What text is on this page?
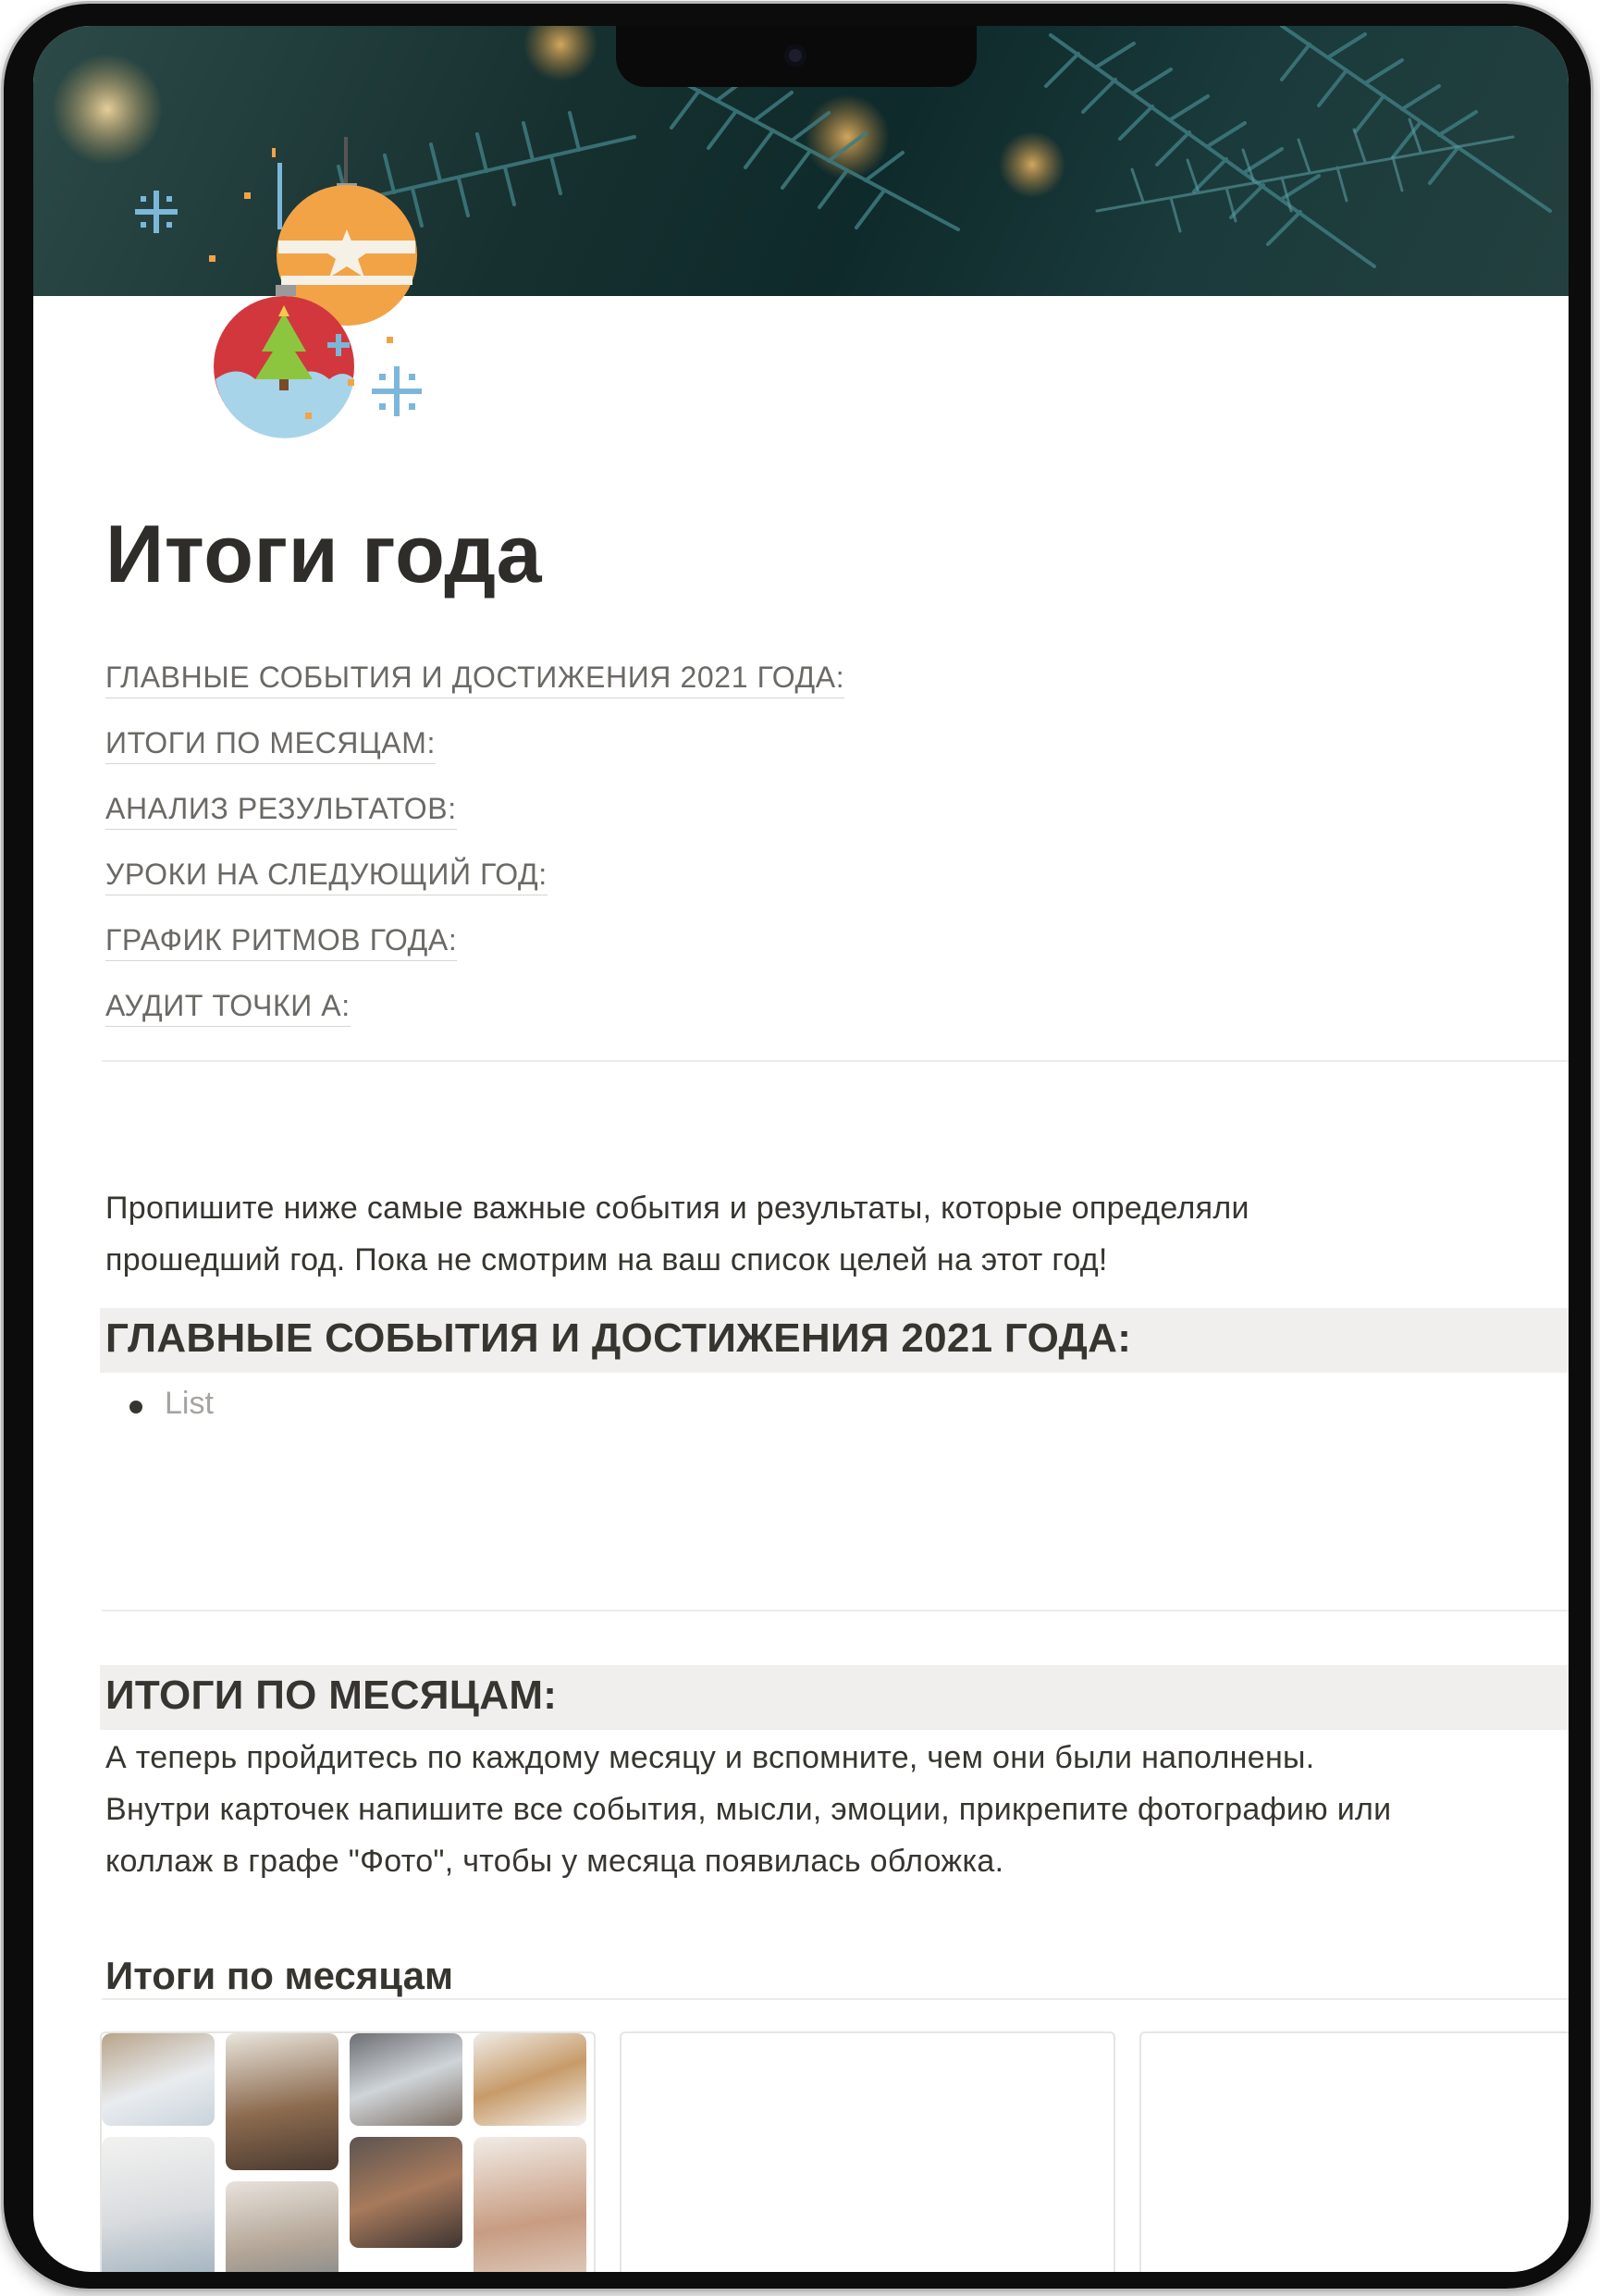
Итоги года
ГЛАВНЫЕ СОБЫТИЯ И ДОСТИЖЕНИЯ 2021 ГОДА:
ИТОГИ ПО МЕСЯЦАМ:
АНАЛИЗ РЕЗУЛЬТАТОВ:
УРОКИ НА СЛЕДУЮЩИЙ ГОД:
ГРАФИК РИТМОВ ГОДА:
АУДИТ ТОЧКИ А:
Пропишите ниже самые важные события и результаты, которые определяли
прошедший год. Пока не смотрим на ваш список целей на этот год!
ГЛАВНЫЕ СОБЫТИЯ И ДОСТИЖЕНИЯ 2021 ГОДА:
List
ИТОГИ ПО МЕСЯЦАМ:
А теперь пройдитесь по каждому месяцу и вспомните, чем они были наполнены.
Внутри карточек напишите все события, мысли, эмоции, прикрепите фотографию или
коллаж в графе "Фото", чтобы у месяца появилась обложка.
Итоги по месяцам
